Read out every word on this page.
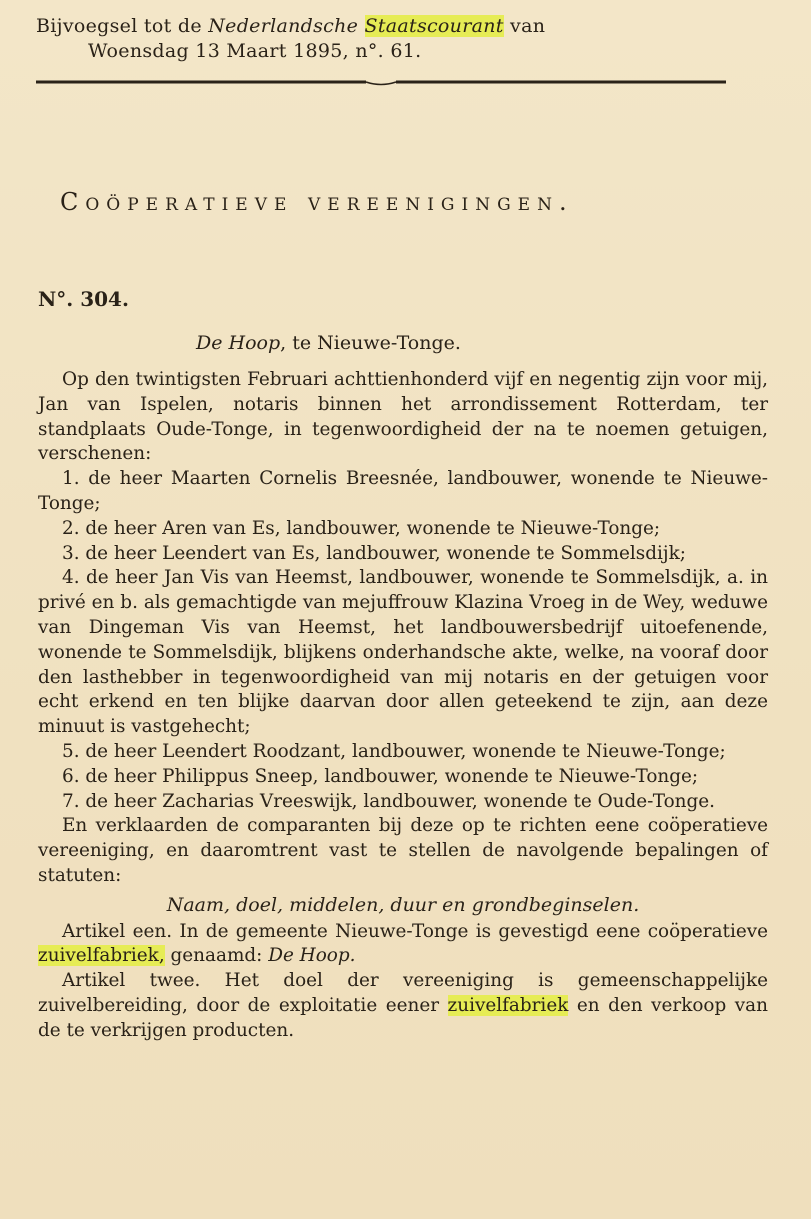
Bijvoegsel tot de Nederlandsche Staatscourant van
Woensdag 13 Maart 1895, n°. 61.
Coöperatieve vereenigingen.
N°. 304.
De Hoop, te Nieuwe-Tonge.

Op den twintigsten Februari achttienhonderd vijf en negentig zijn voor mij, Jan van Ispelen, notaris binnen het arrondissement Rotterdam, ter standplaats Oude-Tonge, in tegenwoordigheid der na te noemen getuigen, verschenen:

1. de heer Maarten Cornelis Breesnée, landbouwer, wonende te Nieuwe-Tonge;

2. de heer Aren van Es, landbouwer, wonende te Nieuwe-Tonge;

3. de heer Leendert van Es, landbouwer, wonende te Sommelsdijk;

4. de heer Jan Vis van Heemst, landbouwer, wonende te Sommelsdijk, a. in privé en b. als gemachtigde van mejuffrouw Klazina Vroeg in de Wey, weduwe van Dingeman Vis van Heemst, het landbouwersbedrijf uitoefenende, wonende te Sommelsdijk, blijkens onderhandsche akte, welke, na vooraf door den lasthebber in tegenwoordigheid van mij notaris en der getuigen voor echt erkend en ten blijke daarvan door allen geteekend te zijn, aan deze minuut is vastgehecht;

5. de heer Leendert Roodzant, landbouwer, wonende te Nieuwe-Tonge;

6. de heer Philippus Sneep, landbouwer, wonende te Nieuwe-Tonge;

7. de heer Zacharias Vreeswijk, landbouwer, wonende te Oude-Tonge.

En verklaarden de comparanten bij deze op te richten eene coöperatieve vereeniging, en daaromtrent vast te stellen de navolgende bepalingen of statuten:

Naam, doel, middelen, duur en grondbeginselen.

Artikel een. In de gemeente Nieuwe-Tonge is gevestigd eene coöperatieve zuivelfabriek, genaamd: De Hoop.

Artikel twee. Het doel der vereeniging is gemeenschappelijke zuivelbereiding, door de exploitatie eener zuivelfabriek en den verkoop van de te verkrijgen producten.
